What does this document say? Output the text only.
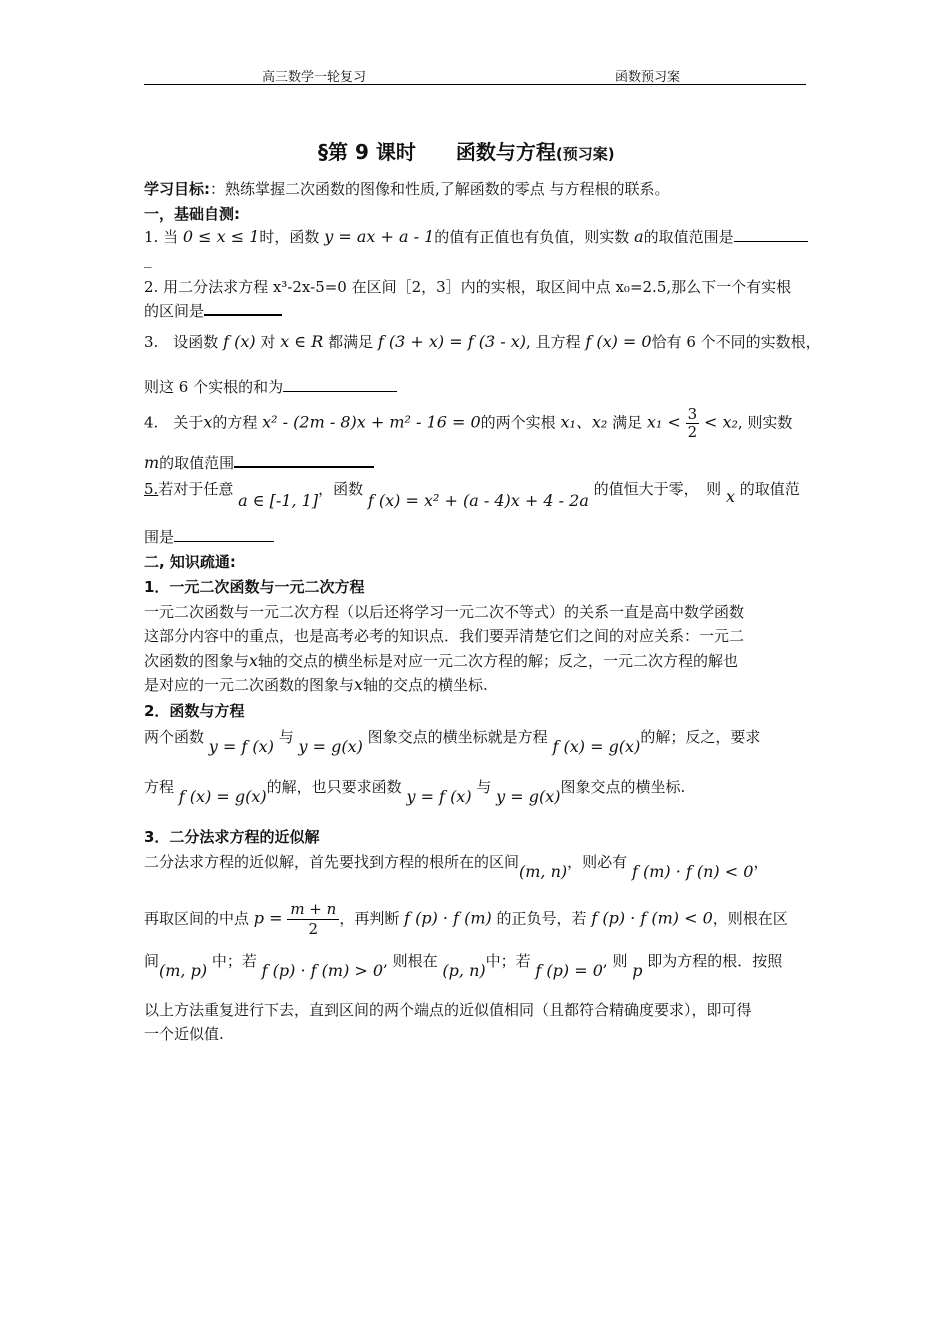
高三数学一轮复习	函数预习案
§第 9 课时　　函数与方程(预习案)
学习目标:：熟练掌握二次函数的图像和性质,了解函数的零点 与方程根的联系。
一，基础自测:
1. 当 0 ≤ x ≤ 1时，函数 y = ax + a - 1的值有正值也有负值，则实数 a的取值范围是
_
2. 用二分法求方程 x³-2x-5=0 在区间［2，3］内的实根，取区间中点 x₀=2.5,那么下一个有实根
的区间是
3.　设函数 f (x) 对 x ∈ R 都满足 f (3 + x) = f (3 - x), 且方程 f (x) = 0恰有 6 个不同的实数根，
则这 6 个实根的和为
4.　关于x的方程 x² - (2m - 8)x + m² - 16 = 0的两个实根 x₁、x₂ 满足 $x_1 < \frac{3}{2} < x_2$, 则实数
m的取值范围
5.若对于任意 a ∈ [-1, 1]，函数 f (x) = x² + (a - 4)x + 4 - 2a 的值恒大于零，　则 x 的取值范
围是
二, 知识疏通:
1．一元二次函数与一元二次方程
一元二次函数与一元二次方程（以后还将学习一元二次不等式）的关系一直是高中数学函数
这部分内容中的重点，也是高考必考的知识点．我们要弄清楚它们之间的对应关系：一元二
次函数的图象与x轴的交点的横坐标是对应一元二次方程的解；反之，一元二次方程的解也
是对应的一元二次函数的图象与x轴的交点的横坐标.
2．函数与方程
两个函数 y = f (x) 与 y = g(x) 图象交点的横坐标就是方程 f (x) = g(x)的解；反之，要求
方程 f (x) = g(x)的解，也只要求函数 y = f (x) 与 y = g(x)图象交点的横坐标.
3．二分法求方程的近似解
二分法求方程的近似解，首先要找到方程的根所在的区间(m, n)，则必有 f (m) · f (n) < 0，
再取区间的中点 $p = \frac{m + n}{2}$ ，再判断 f (p) · f (m) 的正负号，若 f (p) · f (m) < 0，则根在区
间(m, p) 中；若 f (p) · f (m) > 0, 则根在 (p, n)中；若 f (p) = 0, 则 p 即为方程的根．按照
以上方法重复进行下去，直到区间的两个端点的近似值相同（且都符合精确度要求），即可得
一个近似值.
